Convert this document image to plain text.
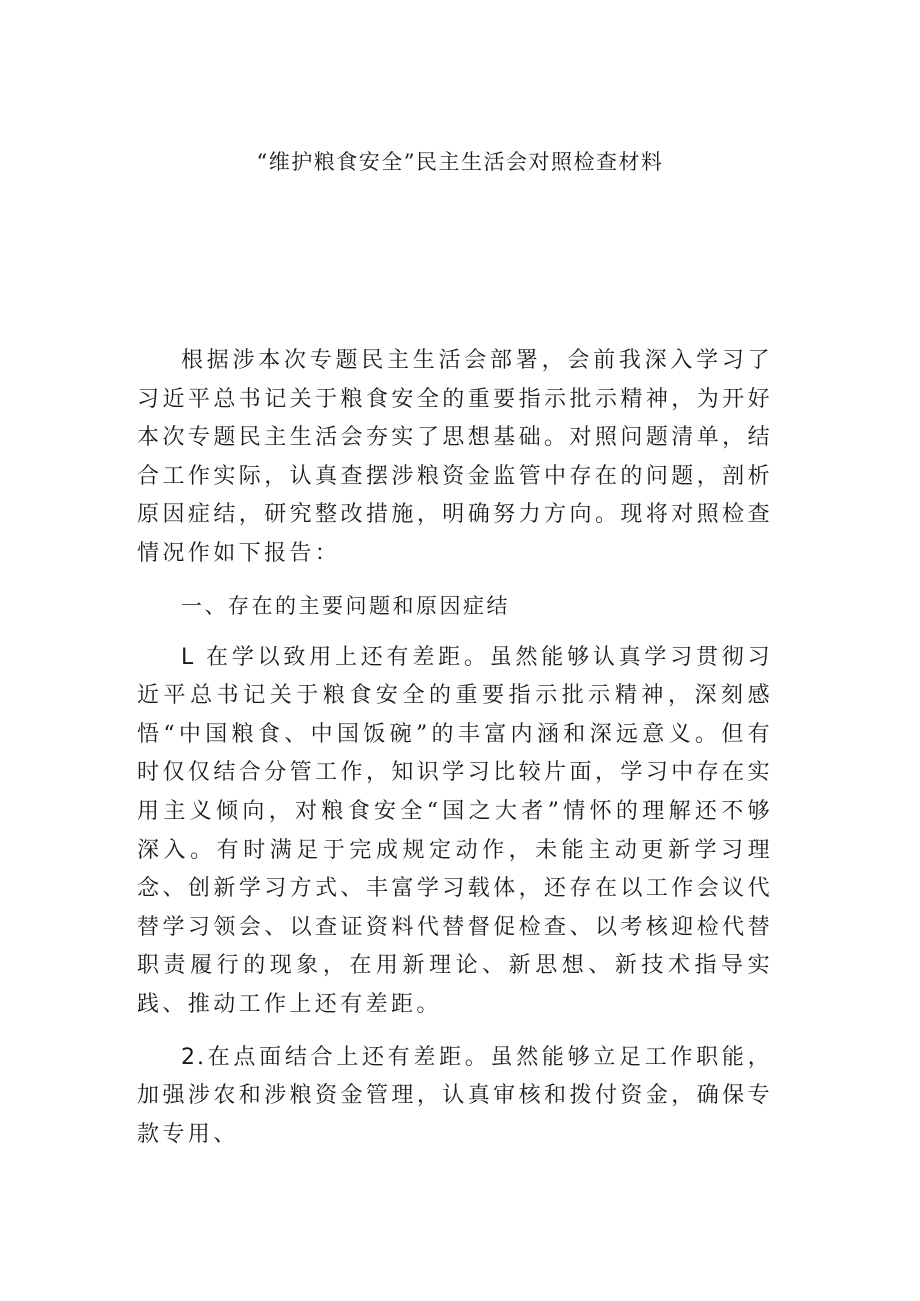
“维护粮食安全”民主生活会对照检查材料

根据涉本次专题民主生活会部署，会前我深入学习了习近平总书记关于粮食安全的重要指示批示精神，为开好本次专题民主生活会夯实了思想基础。对照问题清单，结合工作实际，认真查摆涉粮资金监管中存在的问题，剖析原因症结，研究整改措施，明确努力方向。现将对照检查情况作如下报告：

一、存在的主要问题和原因症结

L 在学以致用上还有差距。虽然能够认真学习贯彻习近平总书记关于粮食安全的重要指示批示精神，深刻感悟“中国粮食、中国饭碗”的丰富内涵和深远意义。但有时仅仅结合分管工作，知识学习比较片面，学习中存在实用主义倾向，对粮食安全“国之大者”情怀的理解还不够深入。有时满足于完成规定动作，未能主动更新学习理念、创新学习方式、丰富学习载体，还存在以工作会议代替学习领会、以查证资料代替督促检查、以考核迎检代替职责履行的现象，在用新理论、新思想、新技术指导实践、推动工作上还有差距。

2.在点面结合上还有差距。虽然能够立足工作职能，加强涉农和涉粮资金管理，认真审核和拨付资金，确保专款专用、
